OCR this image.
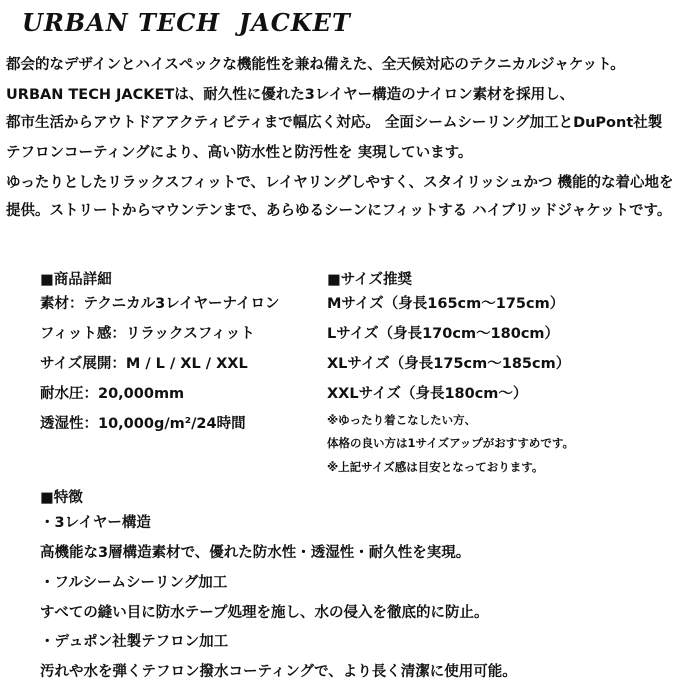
URBAN TECH  JACKET
都会的なデザインとハイスペックな機能性を兼ね備えた、全天候対応のテクニカルジャケット。
URBAN TECH JACKETは、耐久性に優れた3レイヤー構造のナイロン素材を採用し、
都市生活からアウトドアアクティビティまで幅広く対応。 全面シームシーリング加工とDuPont社製
テフロンコーティングにより、高い防水性と防汚性を 実現しています。
ゆったりとしたリラックスフィットで、レイヤリングしやすく、スタイリッシュかつ 機能的な着心地を
提供。ストリートからマウンテンまで、あらゆるシーンにフィットする ハイブリッドジャケットです。
■商品詳細
素材：テクニカル3レイヤーナイロン
フィット感：リラックスフィット
サイズ展開：M / L / XL / XXL
耐水圧：20,000mm
透湿性：10,000g/m²/24時間
■サイズ推奨
Mサイズ（身長165cm～175cm）
Lサイズ（身長170cm～180cm）
XLサイズ（身長175cm～185cm）
XXLサイズ（身長180cm～）
※ゆったり着こなしたい方、
体格の良い方は1サイズアップがおすすめです。
※上記サイズ感は目安となっております。
■特徴
・3レイヤー構造
高機能な3層構造素材で、優れた防水性・透湿性・耐久性を実現。
・フルシームシーリング加工
すべての縫い目に防水テープ処理を施し、水の侵入を徹底的に防止。
・デュポン社製テフロン加工
汚れや水を弾くテフロン撥水コーティングで、より長く清潔に使用可能。
